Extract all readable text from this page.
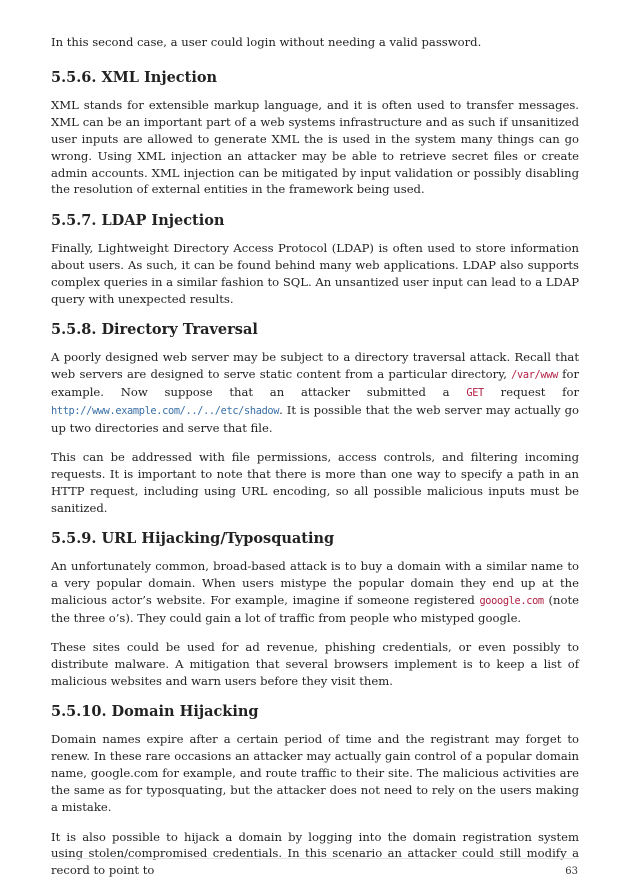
In this second case, a user could login without needing a valid password.

5.5.6. XML Injection

XML stands for extensible markup language, and it is often used to transfer messages. XML can be an important part of a web systems infrastructure and as such if unsanitized user inputs are allowed to generate XML the is used in the system many things can go wrong. Using XML injection an attacker may be able to retrieve secret files or create admin accounts. XML injection can be mitigated by input validation or possibly disabling the resolution of external entities in the framework being used.

5.5.7. LDAP Injection

Finally, Lightweight Directory Access Protocol (LDAP) is often used to store information about users. As such, it can be found behind many web applications. LDAP also supports complex queries in a similar fashion to SQL. An unsantized user input can lead to a LDAP query with unexpected results.

5.5.8. Directory Traversal

A poorly designed web server may be subject to a directory traversal attack. Recall that web servers are designed to serve static content from a particular directory, /var/www for example. Now suppose that an attacker submitted a GET request for http://www.example.com/../../etc/shadow. It is possible that the web server may actually go up two directories and serve that file.

This can be addressed with file permissions, access controls, and filtering incoming requests. It is important to note that there is more than one way to specify a path in an HTTP request, including using URL encoding, so all possible malicious inputs must be sanitized.

5.5.9. URL Hijacking/Typosquating

An unfortunately common, broad-based attack is to buy a domain with a similar name to a very popular domain. When users mistype the popular domain they end up at the malicious actor’s website. For example, imagine if someone registered gooogle.com (note the three o’s). They could gain a lot of traffic from people who mistyped google.

These sites could be used for ad revenue, phishing credentials, or even possibly to distribute malware. A mitigation that several browsers implement is to keep a list of malicious websites and warn users before they visit them.

5.5.10. Domain Hijacking

Domain names expire after a certain period of time and the registrant may forget to renew. In these rare occasions an attacker may actually gain control of a popular domain name, google.com for example, and route traffic to their site. The malicious activities are the same as for typosquating, but the attacker does not need to rely on the users making a mistake.

It is also possible to hijack a domain by logging into the domain registration system using stolen/compromised credentials. In this scenario an attacker could still modify a record to point to	63
